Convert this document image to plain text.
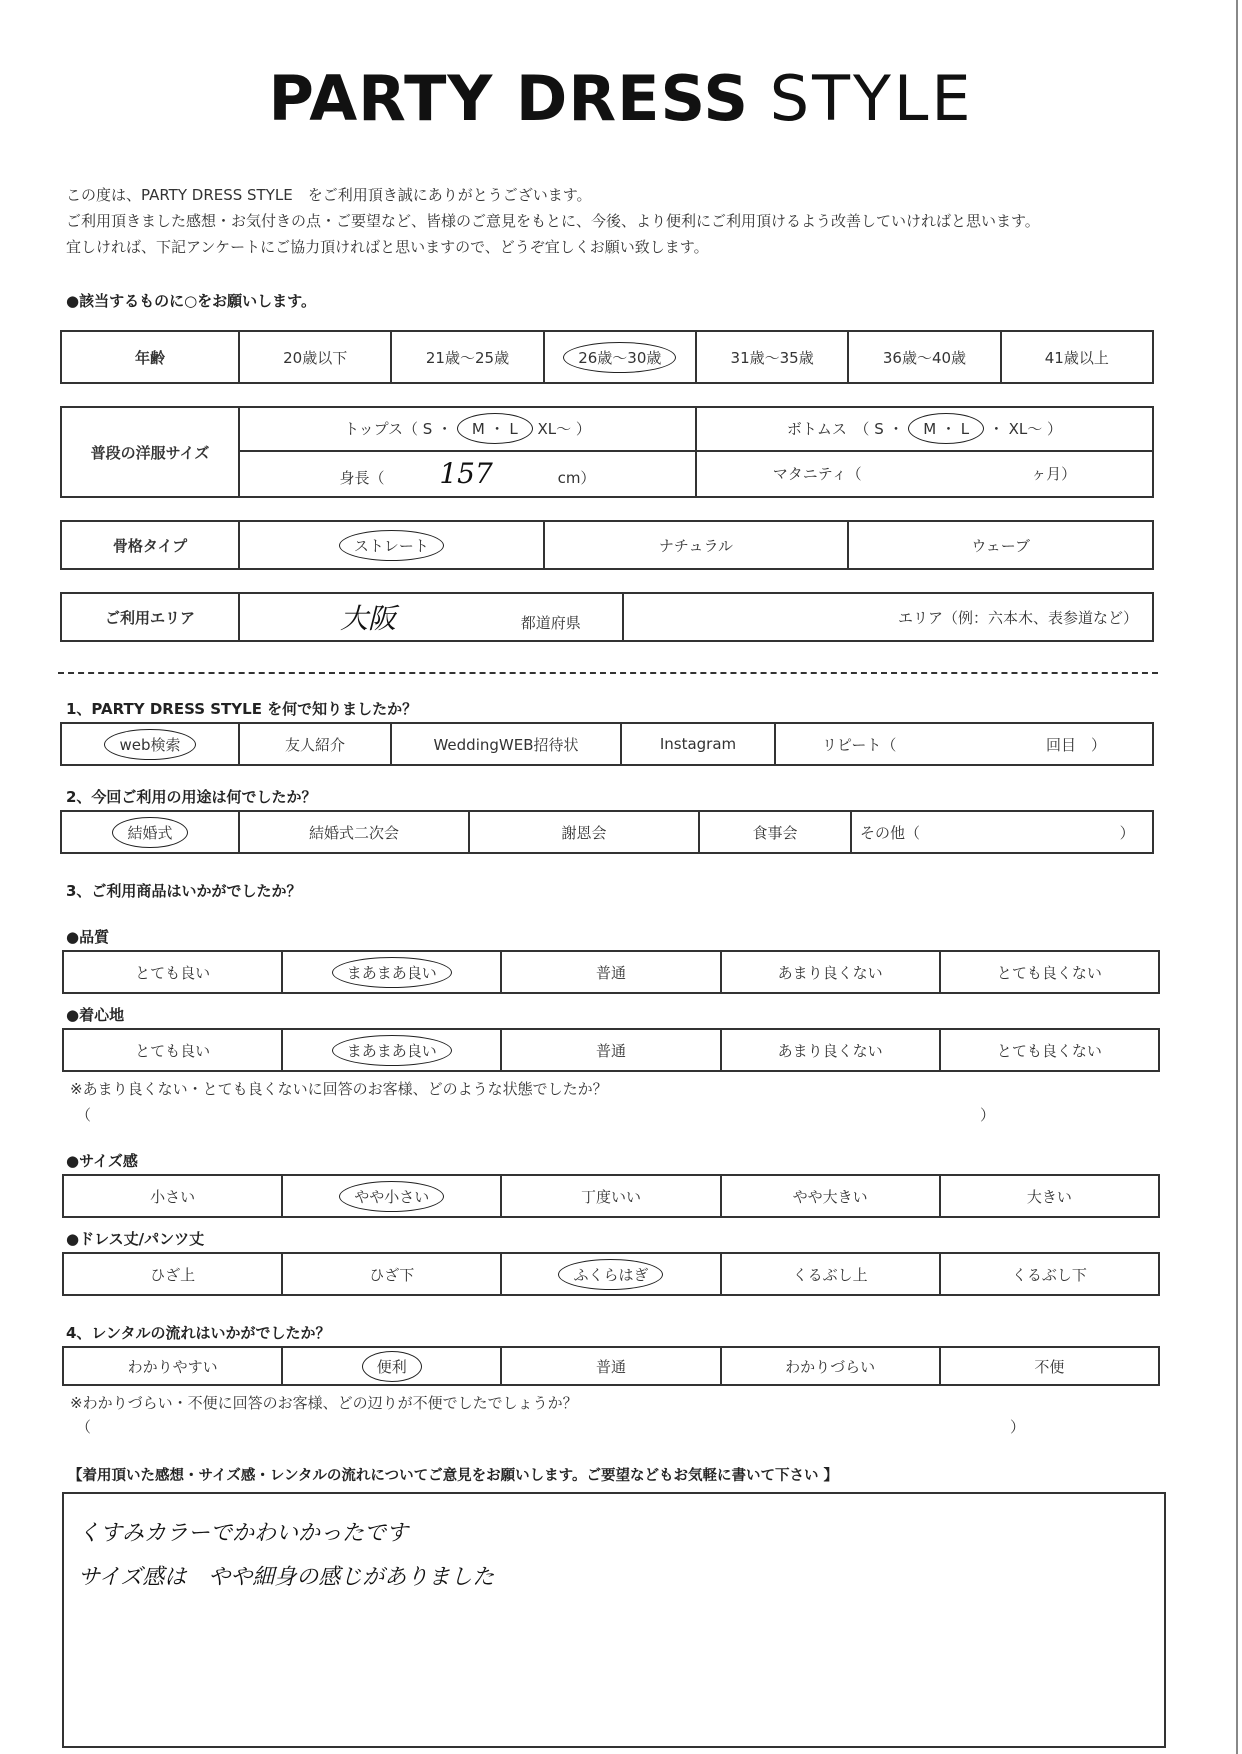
PARTY DRESS STYLE
この度は、PARTY DRESS STYLE　をご利用頂き誠にありがとうございます。
ご利用頂きました感想・お気付きの点・ご要望など、皆様のご意見をもとに、今後、より便利にご利用頂けるよう改善していければと思います。
宜しければ、下記アンケートにご協力頂ければと思いますので、どうぞ宜しくお願い致します。
●該当するものに○をお願いします。
年齢	20歳以下	21歳～25歳	26歳～30歳	31歳～35歳	36歳～40歳	41歳以上
普段の洋服サイズ	トップス（ S ・ M ・ L XL～ ）	ボトムス　（ S ・ M ・ L ・ XL～ ）
	身長（ 157 cm）	マタニティ（ ヶ月）
骨格タイプ	ストレート	ナチュラル	ウェーブ
ご利用エリア	大阪	都道府県	エリア（例：六本木、表参道など）
1、PARTY DRESS STYLE を何で知りましたか？
web検索	友人紹介	WeddingWEB招待状	Instagram	リピート（	回目　）
2、今回ご利用の用途は何でしたか？
結婚式	結婚式二次会	謝恩会	食事会	その他（	）
3、ご利用商品はいかがでしたか？
●品質
とても良い	まあまあ良い	普通	あまり良くない	とても良くない
●着心地
とても良い	まあまあ良い	普通	あまり良くない	とても良くない
※あまり良くない・とても良くないに回答のお客様、どのような状態でしたか？
（	）
●サイズ感
小さい	やや小さい	丁度いい	やや大きい	大きい
●ドレス丈/パンツ丈
ひざ上	ひざ下	ふくらはぎ	くるぶし上	くるぶし下
4、レンタルの流れはいかがでしたか？
わかりやすい	便利	普通	わかりづらい	不便
※わかりづらい・不便に回答のお客様、どの辺りが不便でしたでしょうか？
（	）
【着用頂いた感想・サイズ感・レンタルの流れについてご意見をお願いします。ご要望などもお気軽に書いて下さい 】
くすみカラーでかわいかったです
サイズ感は　やや細身の感じがありました
